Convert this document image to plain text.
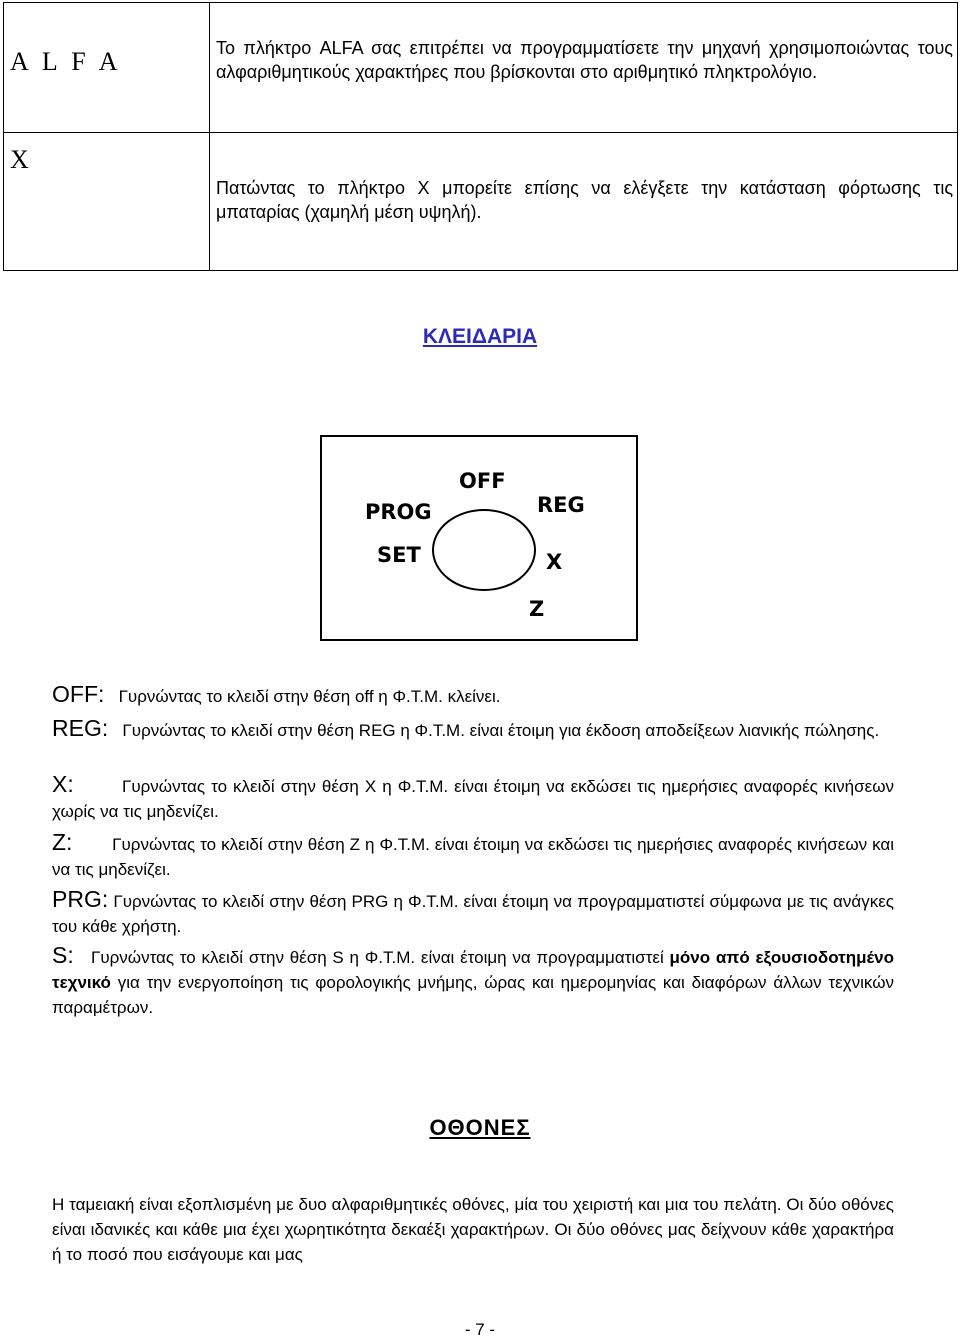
A L F A	Το πλήκτρο ALFA σας επιτρέπει να προγραμματίσετε την μηχανή χρησιμοποιώντας τους αλφαριθμητικούς χαρακτήρες που βρίσκονται στο αριθμητικό πληκτρολόγιο.

X	Πατώντας το πλήκτρο Χ μπορείτε επίσης να ελέγξετε την κατάσταση φόρτωσης τις μπαταρίας (χαμηλή μέση υψηλή).
ΚΛΕΙΔΑΡΙΑ
OFF
PROG
SET
REG
X
Z
OFF: Γυρνώντας το κλειδί στην θέση off η Φ.Τ.Μ. κλείνει.
REG: Γυρνώντας το κλειδί στην θέση REG η Φ.Τ.Μ. είναι έτοιμη για έκδοση αποδείξεων λιανικής πώλησης.
X:	Γυρνώντας το κλειδί στην θέση Χ η Φ.Τ.Μ. είναι έτοιμη να εκδώσει τις ημερήσιες αναφορές κινήσεων χωρίς να τις μηδενίζει.
Z: Γυρνώντας το κλειδί στην θέση Ζ η Φ.Τ.Μ. είναι έτοιμη να εκδώσει τις ημερήσιες αναφορές κινήσεων και να τις μηδενίζει.
PRG: Γυρνώντας το κλειδί στην θέση PRG η Φ.Τ.Μ. είναι έτοιμη να προγραμματιστεί σύμφωνα με τις ανάγκες του κάθε χρήστη.
S: Γυρνώντας το κλειδί στην θέση S η Φ.Τ.Μ. είναι έτοιμη να προγραμματιστεί μόνο από εξουσιοδοτημένο τεχνικό για την ενεργοποίηση τις φορολογικής μνήμης, ώρας και ημερομηνίας και διαφόρων άλλων τεχνικών παραμέτρων.
ΟΘΟΝΕΣ
Η ταμειακή είναι εξοπλισμένη με δυο αλφαριθμητικές οθόνες, μία του χειριστή και μια του πελάτη. Οι δύο οθόνες είναι ιδανικές και κάθε μια έχει χωρητικότητα δεκαέξι χαρακτήρων. Οι δύο οθόνες μας δείχνουν κάθε χαρακτήρα ή το ποσό που εισάγουμε και μας
- 7 -
